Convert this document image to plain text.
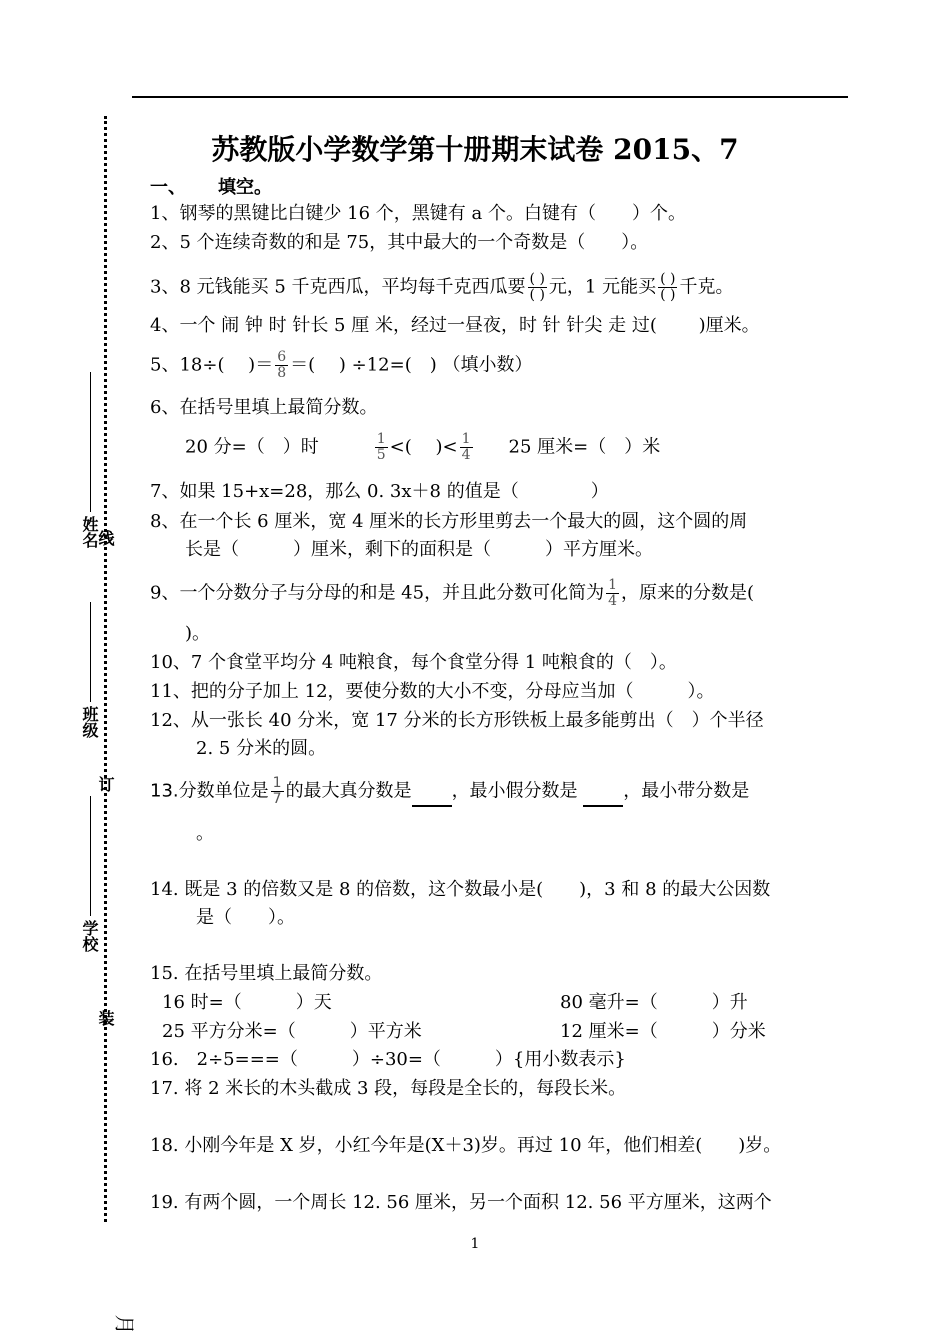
姓名
线
班级
订
学校
装
苏教版小学数学第十册期末试卷 2015、7
一、 填空。
1、钢琴的黑键比白键少 16 个，黑键有 a 个。白键有（　　）个。
2、5 个连续奇数的和是 75，其中最大的一个奇数是（　　）。
3、8 元钱能买 5 千克西瓜，平均每千克西瓜要 $\frac{( )}{( )}$ 元，1 元能买 $\frac{( )}{( )}$ 千克。
4、一个 闹 钟 时 针长 5 厘 米，经过一昼夜，时 针 针尖 走 过(　　 )厘米。
5、18÷(　 )＝ $\frac{6}{8}$ ＝(　 ) ÷12=(　) （填小数）
6、在括号里填上最简分数。
20 分=（　）时	$\frac{1}{5}$ <(　 )< $\frac{1}{4} 25$ 厘米=（　）米
7、如果 15+x=28，那么 0. 3x＋8 的值是（　　　　）
8、在一个长 6 厘米，宽 4 厘米的长方形里剪去一个最大的圆，这个圆的周
长是（　　　）厘米，剩下的面积是（　　　）平方厘米。
9、一个分数分子与分母的和是 45，并且此分数可化简为 $\frac{1}{4}$ ，原来的分数是(
)。
10、7 个食堂平均分 4 吨粮食，每个食堂分得 1 吨粮食的（　）。
11、把的分子加上 12，要使分数的大小不变，分母应当加（　　　）。
12、从一张长 40 分米，宽 17 分米的长方形铁板上最多能剪出（　）个半径
2. 5 分米的圆。
13.分数单位是 $\frac{1}{7}$ 的最大真分数是 ，最小假分数是	，最小带分数是
。
14. 既是 3 的倍数又是 8 的倍数，这个数最小是(　　)，3 和 8 的最大公因数
是（　　）。
15. 在括号里填上最简分数。
16 时=（　　　）天	80 毫升=（　　　）升
25 平方分米=（　　　）平方米	12 厘米=（　　　）分米
16.　2÷5===（　　　）÷30=（　　　）{用小数表示}
17. 将 2 米长的木头截成 3 段，每段是全长的，每段长米。
18. 小刚今年是 X 岁，小红今年是(X＋3)岁。再过 10 年，他们相差(　　)岁。
19. 有两个圆，一个周长 12. 56 厘米，另一个面积 12. 56 平方厘米，这两个
1
月
